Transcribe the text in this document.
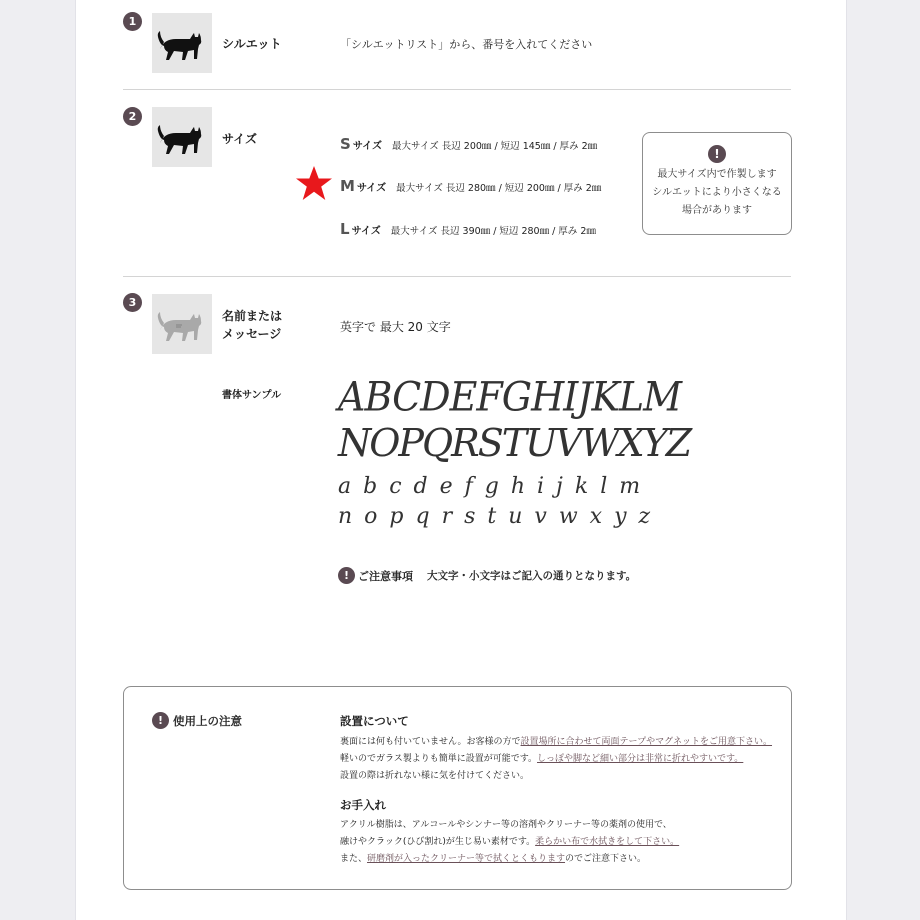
1
シルエット	「シルエットリスト」から、番号を入れてください
2
サイズ	S サイズ 最大サイズ 長辺 200㎜ / 短辺 145㎜ / 厚み 2㎜
M サイズ 最大サイズ 長辺 280㎜ / 短辺 200㎜ / 厚み 2㎜
L サイズ 最大サイズ 長辺 390㎜ / 短辺 280㎜ / 厚み 2㎜
!
最大サイズ内で作製します
シルエットにより小さくなる
場合があります
3
名前または
メッセージ	英字で 最大 20 文字
書体サンプル ABCDEFGHIJKLM
NOPQRSTUVWXYZ
abcdefghijklm
nopqrstuvwxyz
! ご注意事項 大文字・小文字はご記入の通りとなります。
! 使用上の注意	設置について

裏面には何も付いていません。お客様の方で設置場所に合わせて両面テープやマグネットをご用意下さい。

軽いのでガラス製よりも簡単に設置が可能です。しっぽや脚など細い部分は非常に折れやすいです。

設置の際は折れない様に気を付けてください。

お手入れ

アクリル樹脂は、アルコールやシンナー等の溶剤やクリーナー等の薬剤の使用で、

融けやクラック(ひび割れ)が生じ易い素材です。柔らかい布で水拭きをして下さい。

また、研磨剤が入ったクリーナー等で拭くとくもりますのでご注意下さい。
